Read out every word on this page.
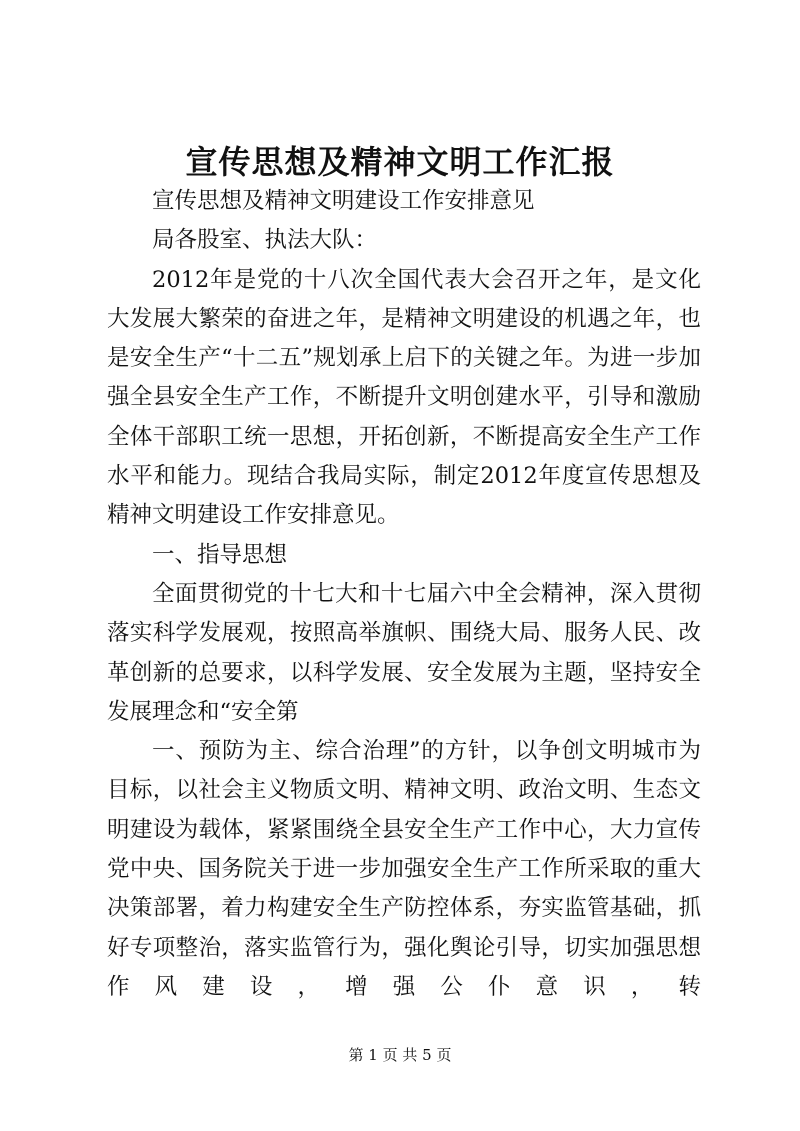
宣传思想及精神文明工作汇报

宣传思想及精神文明建设工作安排意见

局各股室、执法大队：

2012年是党的十八次全国代表大会召开之年，是文化大发展大繁荣的奋进之年，是精神文明建设的机遇之年，也是安全生产“十二五”规划承上启下的关键之年。为进一步加强全县安全生产工作，不断提升文明创建水平，引导和激励全体干部职工统一思想，开拓创新，不断提高安全生产工作水平和能力。现结合我局实际，制定2012年度宣传思想及精神文明建设工作安排意见。

一、指导思想

全面贯彻党的十七大和十七届六中全会精神，深入贯彻落实科学发展观，按照高举旗帜、围绕大局、服务人民、改革创新的总要求，以科学发展、安全发展为主题，坚持安全发展理念和“安全第

一、预防为主、综合治理”的方针，以争创文明城市为目标，以社会主义物质文明、精神文明、政治文明、生态文明建设为载体，紧紧围绕全县安全生产工作中心，大力宣传党中央、国务院关于进一步加强安全生产工作所采取的重大决策部署，着力构建安全生产防控体系，夯实监管基础，抓好专项整治，落实监管行为，强化舆论引导，切实加强思想作风建设，增强公仆意识，转

第 1 页 共 5 页
